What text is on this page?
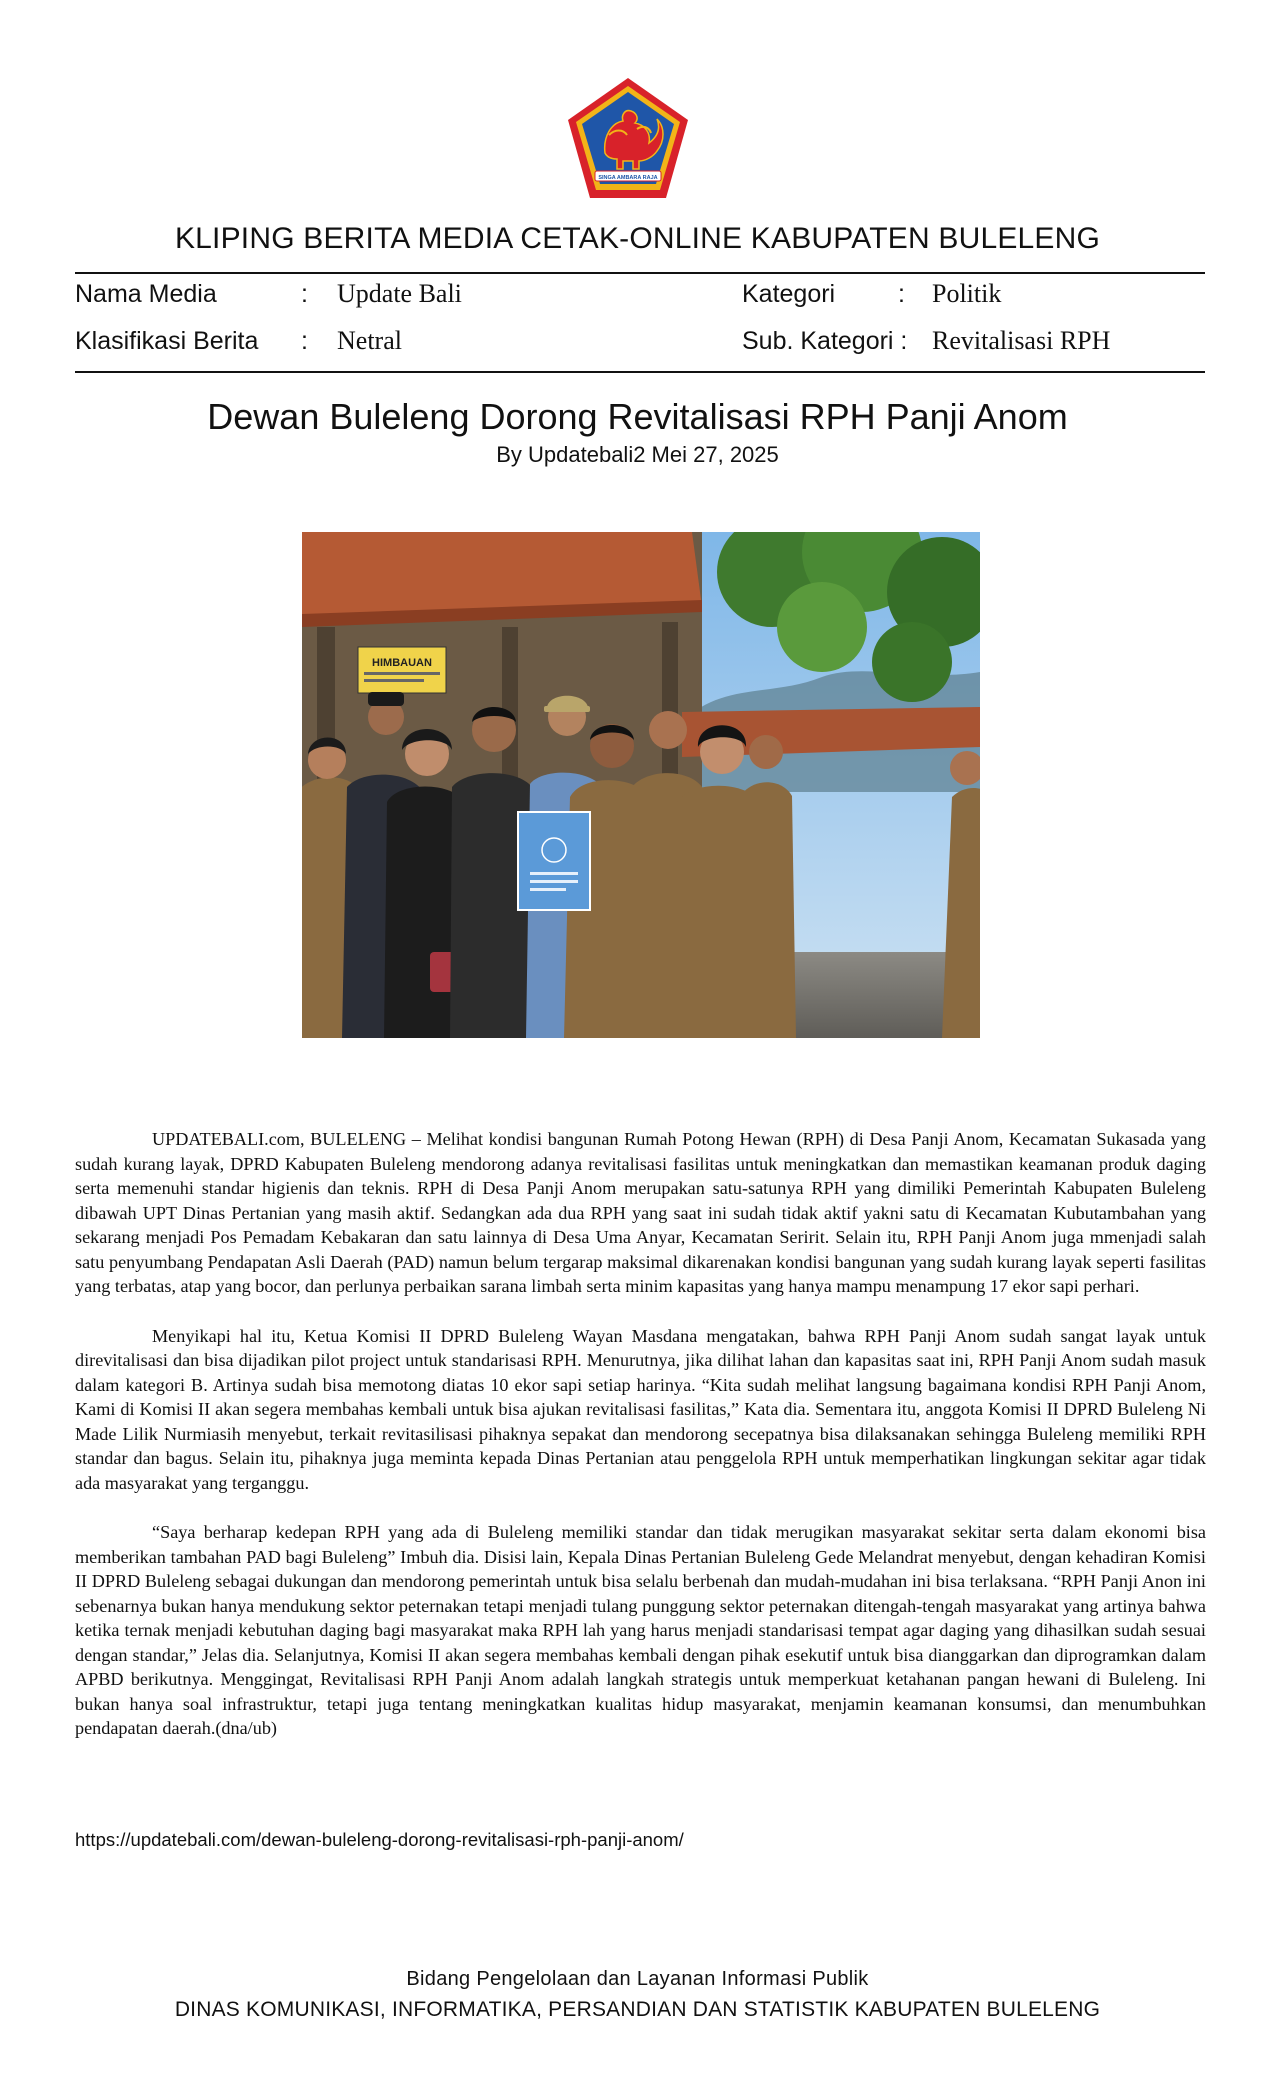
SINGA AMBARA RAJA
KLIPING BERITA MEDIA CETAK-ONLINE KABUPATEN BULELENG
Nama Media	: Update Bali	Kategori	: Politik
Klasifikasi Berita : Netral	Sub. Kategori : Revitalisasi RPH
Dewan Buleleng Dorong Revitalisasi RPH Panji Anom
By Updatebali2 Mei 27, 2025
HIMBAUAN

UPDATEBALI.com, BULELENG – Melihat kondisi bangunan Rumah Potong Hewan (RPH) di Desa Panji Anom, Kecamatan Sukasada yang sudah kurang layak, DPRD Kabupaten Buleleng mendorong adanya revitalisasi fasilitas untuk meningkatkan dan memastikan keamanan produk daging serta memenuhi standar higienis dan teknis. RPH di Desa Panji Anom merupakan satu-satunya RPH yang dimiliki Pemerintah Kabupaten Buleleng dibawah UPT Dinas Pertanian yang masih aktif. Sedangkan ada dua RPH yang saat ini sudah tidak aktif yakni satu di Kecamatan Kubutambahan yang sekarang menjadi Pos Pemadam Kebakaran dan satu lainnya di Desa Uma Anyar, Kecamatan Seririt. Selain itu, RPH Panji Anom juga mmenjadi salah satu penyumbang Pendapatan Asli Daerah (PAD) namun belum tergarap maksimal dikarenakan kondisi bangunan yang sudah kurang layak seperti fasilitas yang terbatas, atap yang bocor, dan perlunya perbaikan sarana limbah serta minim kapasitas yang hanya mampu menampung 17 ekor sapi perhari.

Menyikapi hal itu, Ketua Komisi II DPRD Buleleng Wayan Masdana mengatakan, bahwa RPH Panji Anom sudah sangat layak untuk direvitalisasi dan bisa dijadikan pilot project untuk standarisasi RPH. Menurutnya, jika dilihat lahan dan kapasitas saat ini, RPH Panji Anom sudah masuk dalam kategori B. Artinya sudah bisa memotong diatas 10 ekor sapi setiap harinya. “Kita sudah melihat langsung bagaimana kondisi RPH Panji Anom, Kami di Komisi II akan segera membahas kembali untuk bisa ajukan revitalisasi fasilitas,” Kata dia. Sementara itu, anggota Komisi II DPRD Buleleng Ni Made Lilik Nurmiasih menyebut, terkait revitasilisasi pihaknya sepakat dan mendorong secepatnya bisa dilaksanakan sehingga Buleleng memiliki RPH standar dan bagus. Selain itu, pihaknya juga meminta kepada Dinas Pertanian atau penggelola RPH untuk memperhatikan lingkungan sekitar agar tidak ada masyarakat yang terganggu.

“Saya berharap kedepan RPH yang ada di Buleleng memiliki standar dan tidak merugikan masyarakat sekitar serta dalam ekonomi bisa memberikan tambahan PAD bagi Buleleng” Imbuh dia. Disisi lain, Kepala Dinas Pertanian Buleleng Gede Melandrat menyebut, dengan kehadiran Komisi II DPRD Buleleng sebagai dukungan dan mendorong pemerintah untuk bisa selalu berbenah dan mudah-mudahan ini bisa terlaksana. “RPH Panji Anon ini sebenarnya bukan hanya mendukung sektor peternakan tetapi menjadi tulang punggung sektor peternakan ditengah-tengah masyarakat yang artinya bahwa ketika ternak menjadi kebutuhan daging bagi masyarakat maka RPH lah yang harus menjadi standarisasi tempat agar daging yang dihasilkan sudah sesuai dengan standar,” Jelas dia. Selanjutnya, Komisi II akan segera membahas kembali dengan pihak esekutif untuk bisa dianggarkan dan diprogramkan dalam APBD berikutnya. Menggingat, Revitalisasi RPH Panji Anom adalah langkah strategis untuk memperkuat ketahanan pangan hewani di Buleleng. Ini bukan hanya soal infrastruktur, tetapi juga tentang meningkatkan kualitas hidup masyarakat, menjamin keamanan konsumsi, dan menumbuhkan pendapatan daerah.(dna/ub)

https://updatebali.com/dewan-buleleng-dorong-revitalisasi-rph-panji-anom/
Bidang Pengelolaan dan Layanan Informasi Publik
DINAS KOMUNIKASI, INFORMATIKA, PERSANDIAN DAN STATISTIK KABUPATEN BULELENG
